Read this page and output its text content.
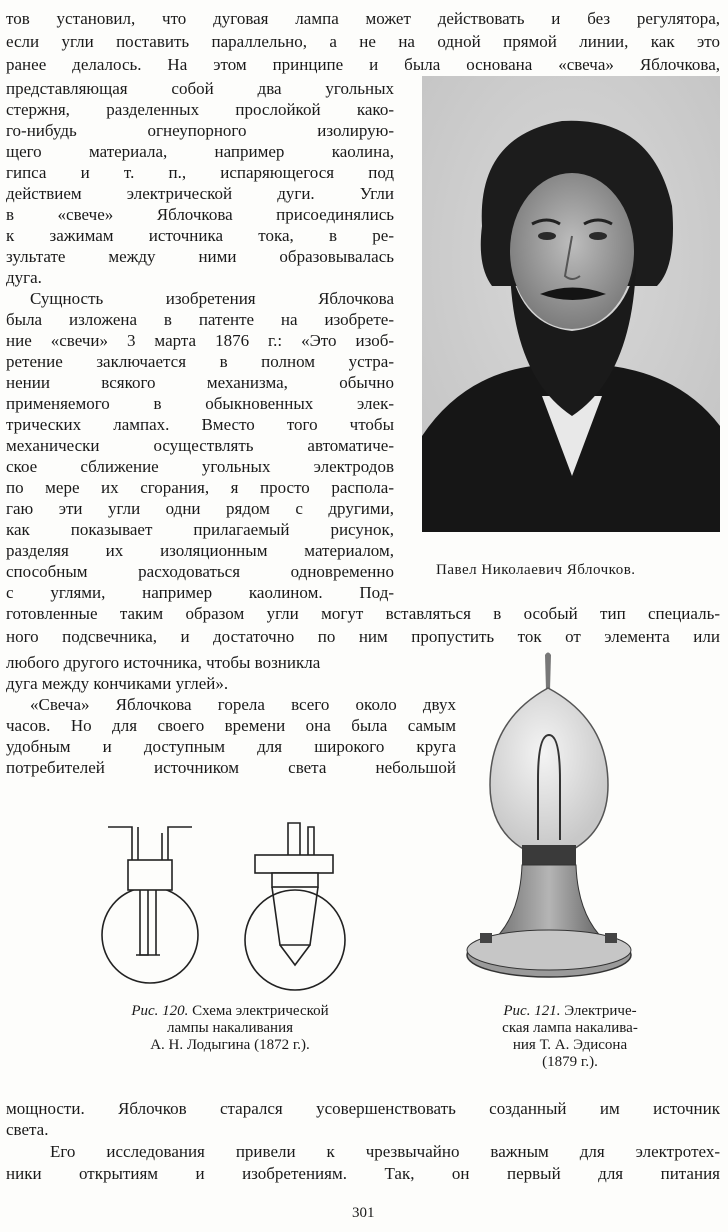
тов установил, что дуговая лампа может действовать и без регулятора,
если угли поставить параллельно, а не на одной прямой линии, как это
ранее делалось. На этом принципе и была основана «свеча» Яблочкова,
представляющая собой два угольных
стержня, разделенных прослойкой како-
го-нибудь огнеупорного изолирую-
щего материала, например каолина,
гипса и т. п., испаряющегося под
действием электрической дуги. Угли
в «свече» Яблочкова присоединялись
к зажимам источника тока, в ре-
зультате между ними образовывалась
дуга.
Сущность изобретения Яблочкова
была изложена в патенте на изобрете-
ние «свечи» 3 марта 1876 г.: «Это изоб-
ретение заключается в полном устра-
нении всякого механизма, обычно
применяемого в обыкновенных элек-
трических лампах. Вместо того чтобы
механически осуществлять автоматиче-
ское сближение угольных электродов
по мере их сгорания, я просто распола-
гаю эти угли одни рядом с другими,
как показывает прилагаемый рисунок,
разделяя их изоляционным материалом,
способным расходоваться одновременно
с углями, например каолином. Под-
Павел Николаевич Яблочков.
готовленные таким образом угли могут вставляться в особый тип специаль-
ного подсвечника, и достаточно по ним пропустить ток от элемента или
любого другого источника, чтобы возникла
дуга между кончиками углей».
«Свеча» Яблочкова горела всего около двух
часов. Но для своего времени она была самым
удобным и доступным для широкого круга
потребителей источником света небольшой
Рис. 120. Схема электрической
лампы накаливания
А. Н. Лодыгина (1872 г.).
Рис. 121. Электриче-
ская лампа накалива-
ния Т. А. Эдисона
(1879 г.).
мощности. Яблочков старался усовершенствовать созданный им источник
света.
Его исследования привели к чрезвычайно важным для электротех-
ники открытиям и изобретениям. Так, он первый для питания
301
